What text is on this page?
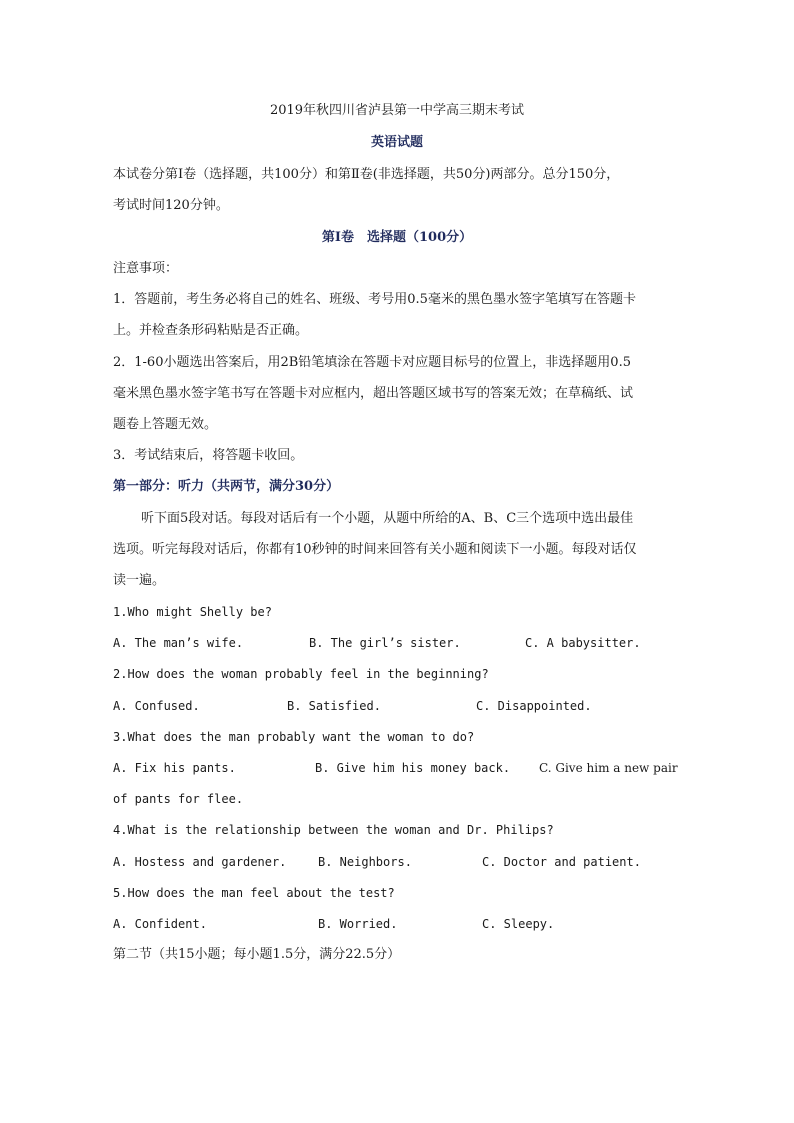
2019年秋四川省泸县第一中学高三期末考试
英语试题
本试卷分第Ⅰ卷（选择题，共100分）和第Ⅱ卷(非选择题，共50分)两部分。总分150分，
考试时间120分钟。
第Ⅰ卷　选择题（100分）
注意事项：
1．答题前，考生务必将自己的姓名、班级、考号用0.5毫米的黑色墨水签字笔填写在答题卡
上。并检查条形码粘贴是否正确。
2．1-60小题选出答案后，用2B铅笔填涂在答题卡对应题目标号的位置上，非选择题用0.5
毫米黑色墨水签字笔书写在答题卡对应框内，超出答题区域书写的答案无效；在草稿纸、试
题卷上答题无效。
3．考试结束后，将答题卡收回。
第一部分：听力（共两节，满分30分）
听下面5段对话。每段对话后有一个小题，从题中所给的A、B、C三个选项中选出最佳
选项。听完每段对话后，你都有10秒钟的时间来回答有关小题和阅读下一小题。每段对话仅
读一遍。
1.Who might Shelly be?
A. The man’s wife.	B. The girl’s sister.	C. A babysitter.
2.How does the woman probably feel in the beginning?
A. Confused.	B. Satisfied.	C. Disappointed.
3.What does the man probably want the woman to do?
A. Fix his pants.	B. Give him his money back. C. Give him a new pair
of pants for flee.
4.What is the relationship between the woman and Dr. Philips?
A. Hostess and gardener.	B. Neighbors.	C. Doctor and patient.
5.How does the man feel about the test?
A. Confident.	B. Worried.	C. Sleepy.
第二节（共15小题；每小题1.5分，满分22.5分）
